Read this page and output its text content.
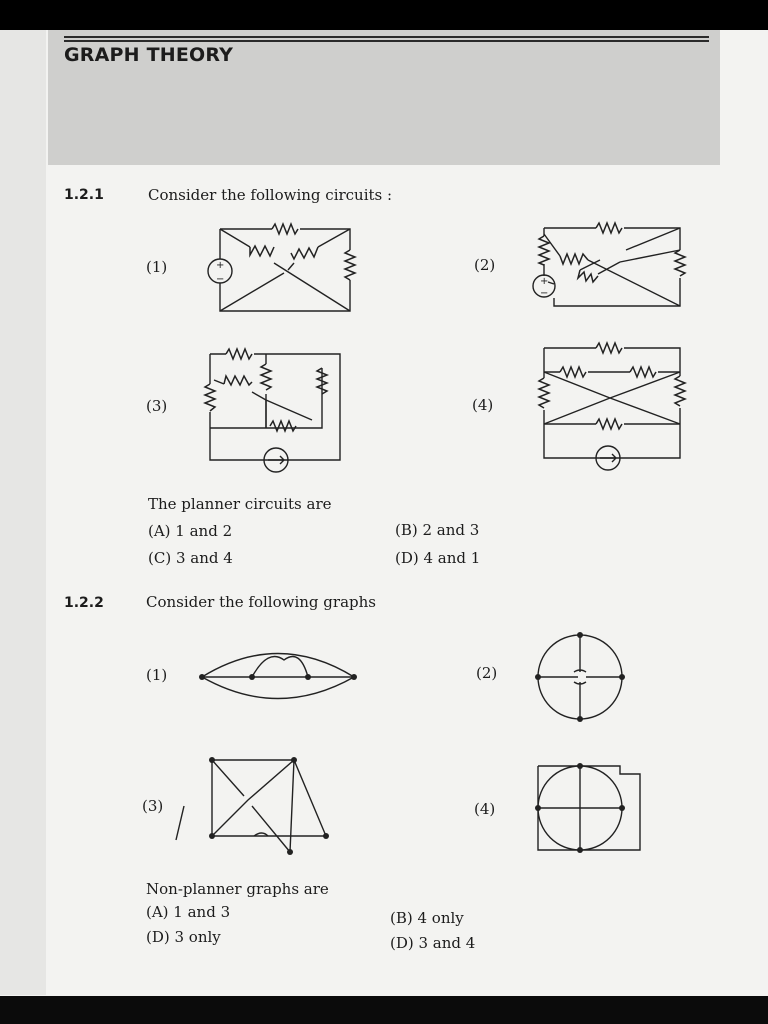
GRAPH THEORY
1.2.1	Consider the following circuits :
(1)	(2)
(3)	(4)
+
−	+
−
The planner circuits are
(A) 1 and 2	(B) 2 and 3
(C) 3 and 4	(D) 4 and 1
1.2.2	Consider the following graphs
(1)	(2)
(3)	(4)
Non-planner graphs are
(A) 1 and 3	(B) 4 only
(D) 3 only	(D) 3 and 4
